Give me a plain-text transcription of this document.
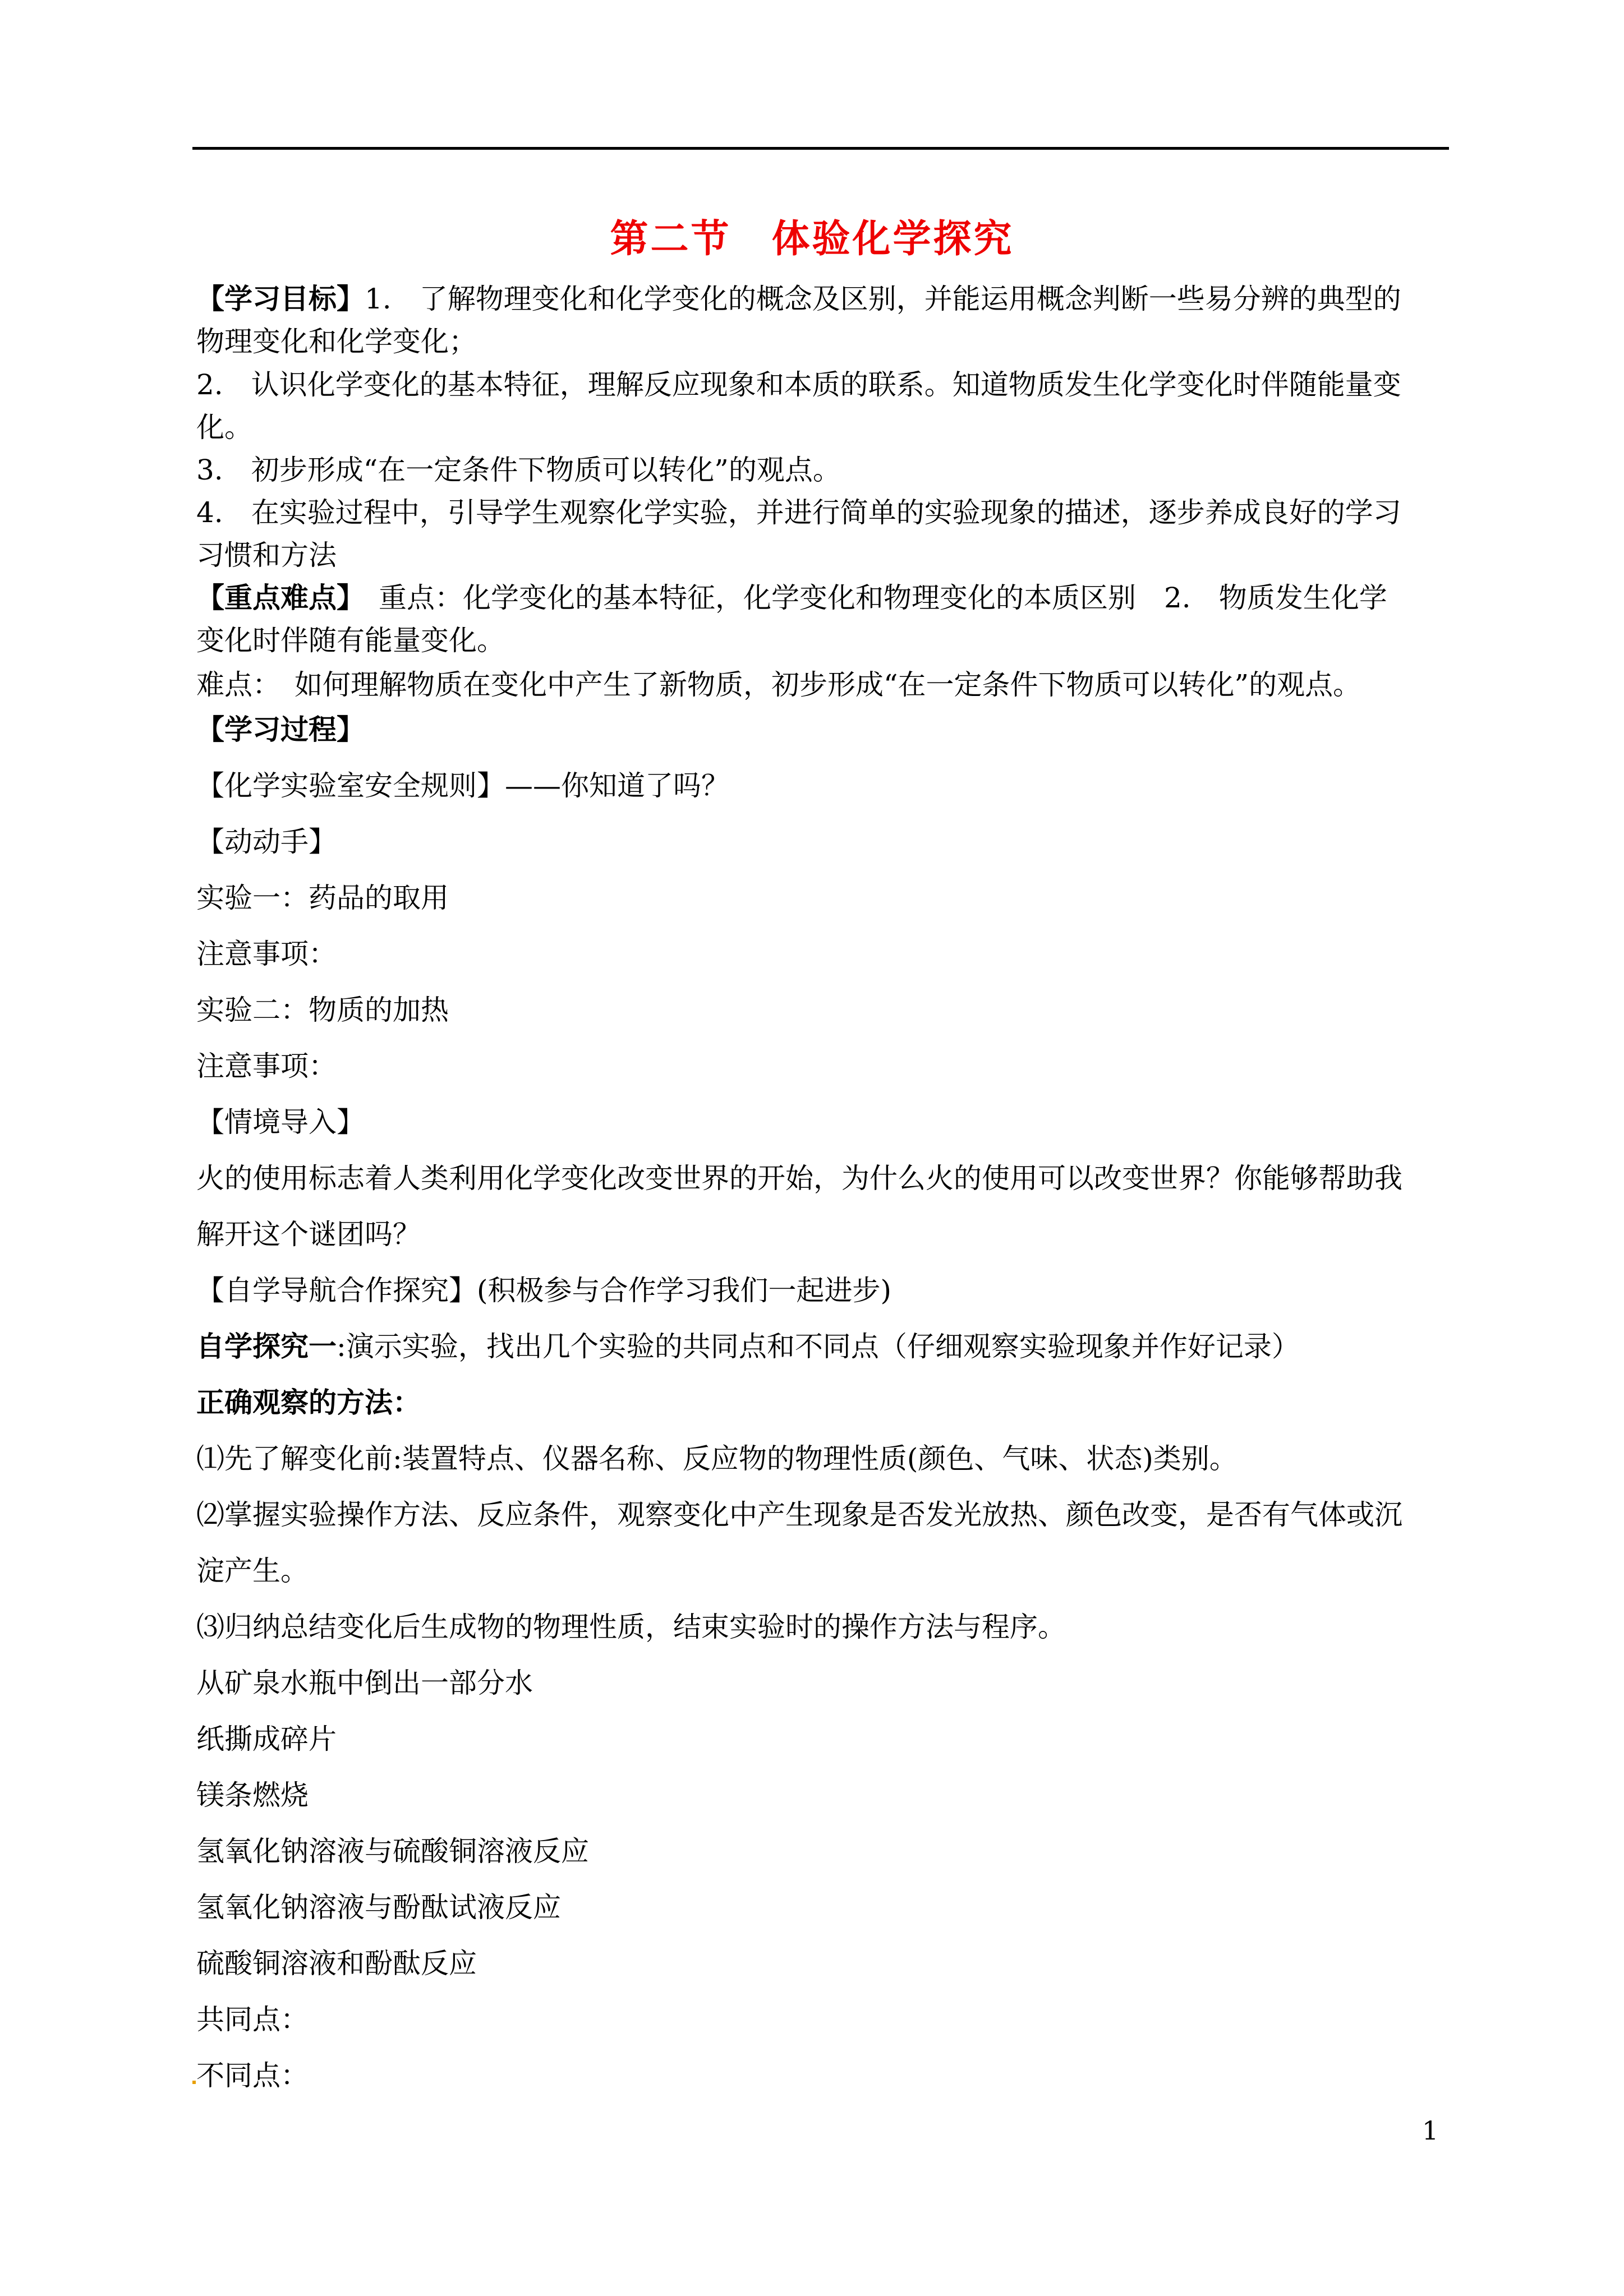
第二节　体验化学探究

【学习目标】1.　了解物理变化和化学变化的概念及区别，并能运用概念判断一些易分辨的典型的

物理变化和化学变化；

2.　认识化学变化的基本特征，理解反应现象和本质的联系。知道物质发生化学变化时伴随能量变

化。

3.　初步形成“在一定条件下物质可以转化”的观点。

4.　在实验过程中，引导学生观察化学实验，并进行简单的实验现象的描述，逐步养成良好的学习

习惯和方法

【重点难点】　重点：化学变化的基本特征，化学变化和物理变化的本质区别　2.　物质发生化学

变化时伴随有能量变化。

难点：　如何理解物质在变化中产生了新物质，初步形成“在一定条件下物质可以转化”的观点。

【学习过程】

【化学实验室安全规则】——你知道了吗？

【动动手】

实验一：药品的取用

注意事项：

实验二：物质的加热

注意事项：

【情境导入】

火的使用标志着人类利用化学变化改变世界的开始，为什么火的使用可以改变世界？你能够帮助我

解开这个谜团吗？

【自学导航合作探究】(积极参与合作学习我们一起进步)

自学探究一:演示实验，找出几个实验的共同点和不同点（仔细观察实验现象并作好记录）

正确观察的方法：

⑴先了解变化前:装置特点、仪器名称、反应物的物理性质(颜色、气味、状态)类别。

⑵掌握实验操作方法、反应条件，观察变化中产生现象是否发光放热、颜色改变，是否有气体或沉

淀产生。

⑶归纳总结变化后生成物的物理性质，结束实验时的操作方法与程序。

从矿泉水瓶中倒出一部分水

纸撕成碎片

镁条燃烧

氢氧化钠溶液与硫酸铜溶液反应

氢氧化钠溶液与酚酞试液反应

硫酸铜溶液和酚酞反应

共同点：

不同点：

1
